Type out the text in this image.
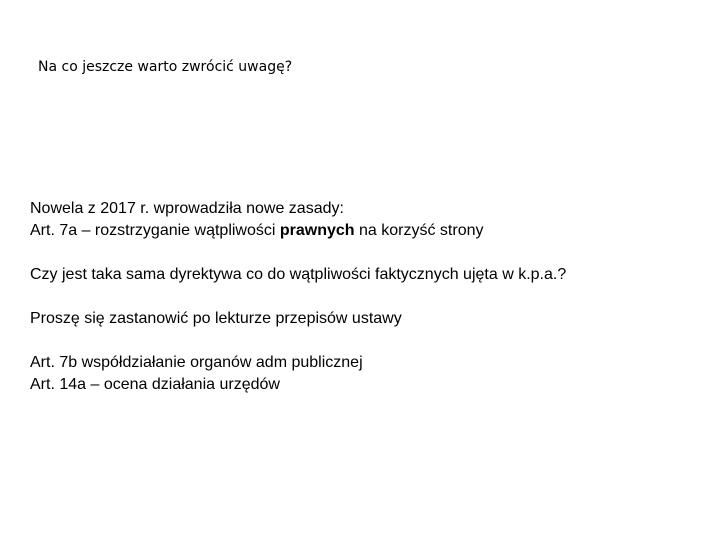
Na co jeszcze warto zwrócić uwagę?

Nowela z 2017 r. wprowadziła nowe zasady:

Art. 7a – rozstrzyganie wątpliwości prawnych na korzyść strony

Czy jest taka sama dyrektywa co do wątpliwości faktycznych ujęta w k.p.a.?

Proszę się zastanowić po lekturze przepisów ustawy

Art. 7b współdziałanie organów adm publicznej

Art. 14a – ocena działania urzędów
